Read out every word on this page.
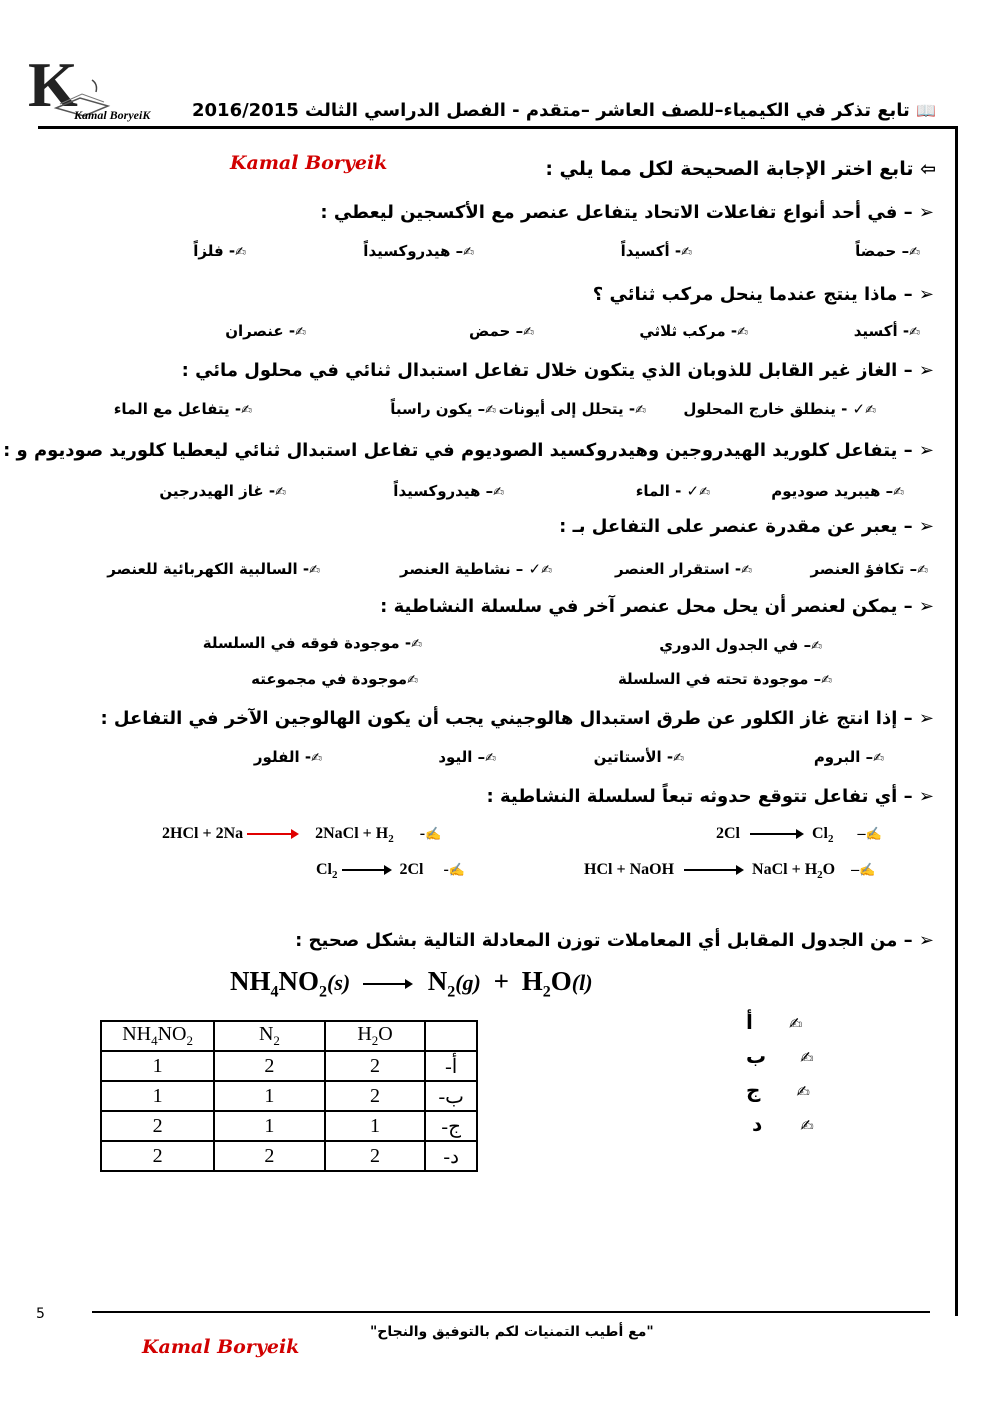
K
Kamal BoryeiK	📖 تابع تذكر في الكيمياء–للصف العاشر –متقدم - الفصل الدراسي الثالث 2016/2015
Kamal Boryeik	⇦ تابع اختر الإجابة الصحيحة لكل مما يلي :
➢ – في أحد أنواع تفاعلات الاتحاد يتفاعل عنصر مع الأكسجين ليعطي :
✍– حمضاً
✍- أكسيداً
✍– هيدروكسيداً
✍- فلزاً
➢ – ماذا ينتج عندما ينحل مركب ثنائي ؟
✍- أكسيد
✍- مركب ثلاثي
✍– حمض
✍- عنصران
➢ – الغاز غير القابل للذوبان الذي يتكون خلال تفاعل استبدال ثنائي في محلول مائي :
✍✓ - ينطلق خارج المحلول
✍- يتحلل إلى أيونات
✍– يكون راسباً
✍- يتفاعل مع الماء
➢ – يتفاعل كلوريد الهيدروجين وهيدروكسيد الصوديوم في تفاعل استبدال ثنائي ليعطيا كلوريد صوديوم و :
✍– هيبريد صوديوم
✍✓ - الماء
✍– هيدروكسيداً
✍- غاز الهيدرجين
➢ – يعبر عن مقدرة عنصر على التفاعل بـ :
✍– تكافؤ العنصر
✍- استقرار العنصر
✍✓ – نشاطية العنصر
✍- السالبية الكهربائية للعنصر
➢ – يمكن لعنصر أن يحل محل عنصر آخر في سلسلة النشاطية :
✍– في الجدول الدوري
✍- موجودة فوقه في السلسلة
✍– موجودة تحته في السلسلة
✍موجودة في مجموعته
➢ – إذا انتج غاز الكلور عن طرق استبدال هالوجيني يجب أن يكون الهالوجين الآخر في التفاعل :
✍– البروم
✍- الأستاتين
✍– اليود
✍- الفلور
➢ – أي تفاعل تتوقع حدوثه تبعاً لسلسلة النشاطية :
2Cl	$Cl_2$ –✍
2HCl + 2Na	2NaCl + $H_2$ -✍
HCl + NaOH	NaCl + $H_2O$ –✍
$Cl_2$	2Cl -✍
➢ – من الجدول المقابل أي المعاملات توزن المعادلة التالية بشكل صحيح :
$NH_4NO_2(s)$	$N_2(g) + H_2O(l)$
$NH_4NO_2$	$N_2$	$H_2O$	
1	2	2	أ-
1	1	2	ب-
2	1	1	ج-
2	2	2	د-
أ ✍
ب ✍
ج ✍
د ✍
5
"مع أطيب التمنيات لكم بالتوفيق والنجاح"
Kamal Boryeik
